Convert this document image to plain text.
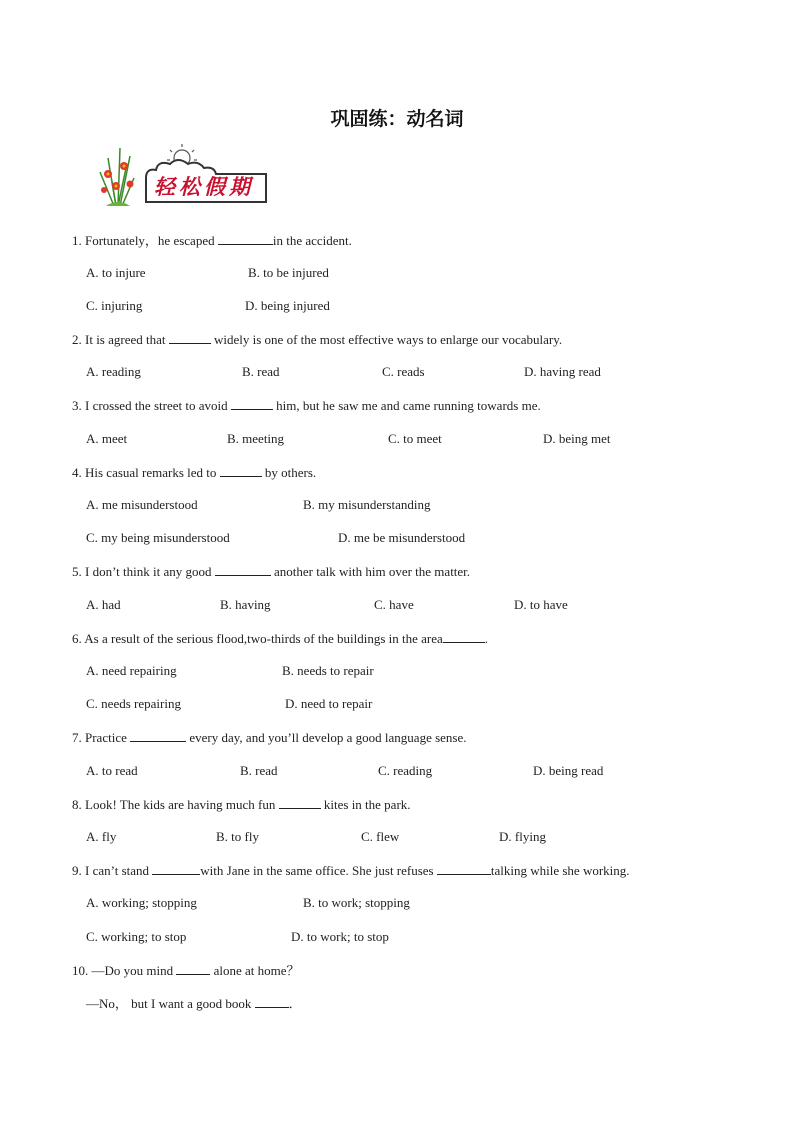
巩固练：动名词
轻松假期
1. Fortunately，he escaped	in the accident.
A. to injure	B. to be injured
C. injuring	D. being injured
2. It is agreed that	widely is one of the most effective ways to enlarge our vocabulary.
A. reading	B. read	C. reads	D. having read
3. I crossed the street to avoid	him, but he saw me and came running towards me.
A. meet	B. meeting	C. to meet	D. being met
4. His casual remarks led to	by others.
A. me misunderstood	B. my misunderstanding
C. my being misunderstood	D. me be misunderstood
5. I don’t think it any good	another talk with him over the matter.
A. had	B. having	C. have	D. to have
6. As a result of the serious flood,two-thirds of the buildings in the area	.
A. need repairing	B. needs to repair
C. needs repairing	D. need to repair
7. Practice	every day, and you’ll develop a good language sense.
A. to read	B. read	C. reading	D. being read
8. Look! The kids are having much fun	kites in the park.
A. fly	B. to fly	C. flew	D. flying
9. I can’t stand	with Jane in the same office. She just refuses	talking while she working.
A. working; stopping	B. to work; stopping
C. working; to stop	D. to work; to stop
10. —Do you mind	alone at home？
—No， but I want a good book	．
